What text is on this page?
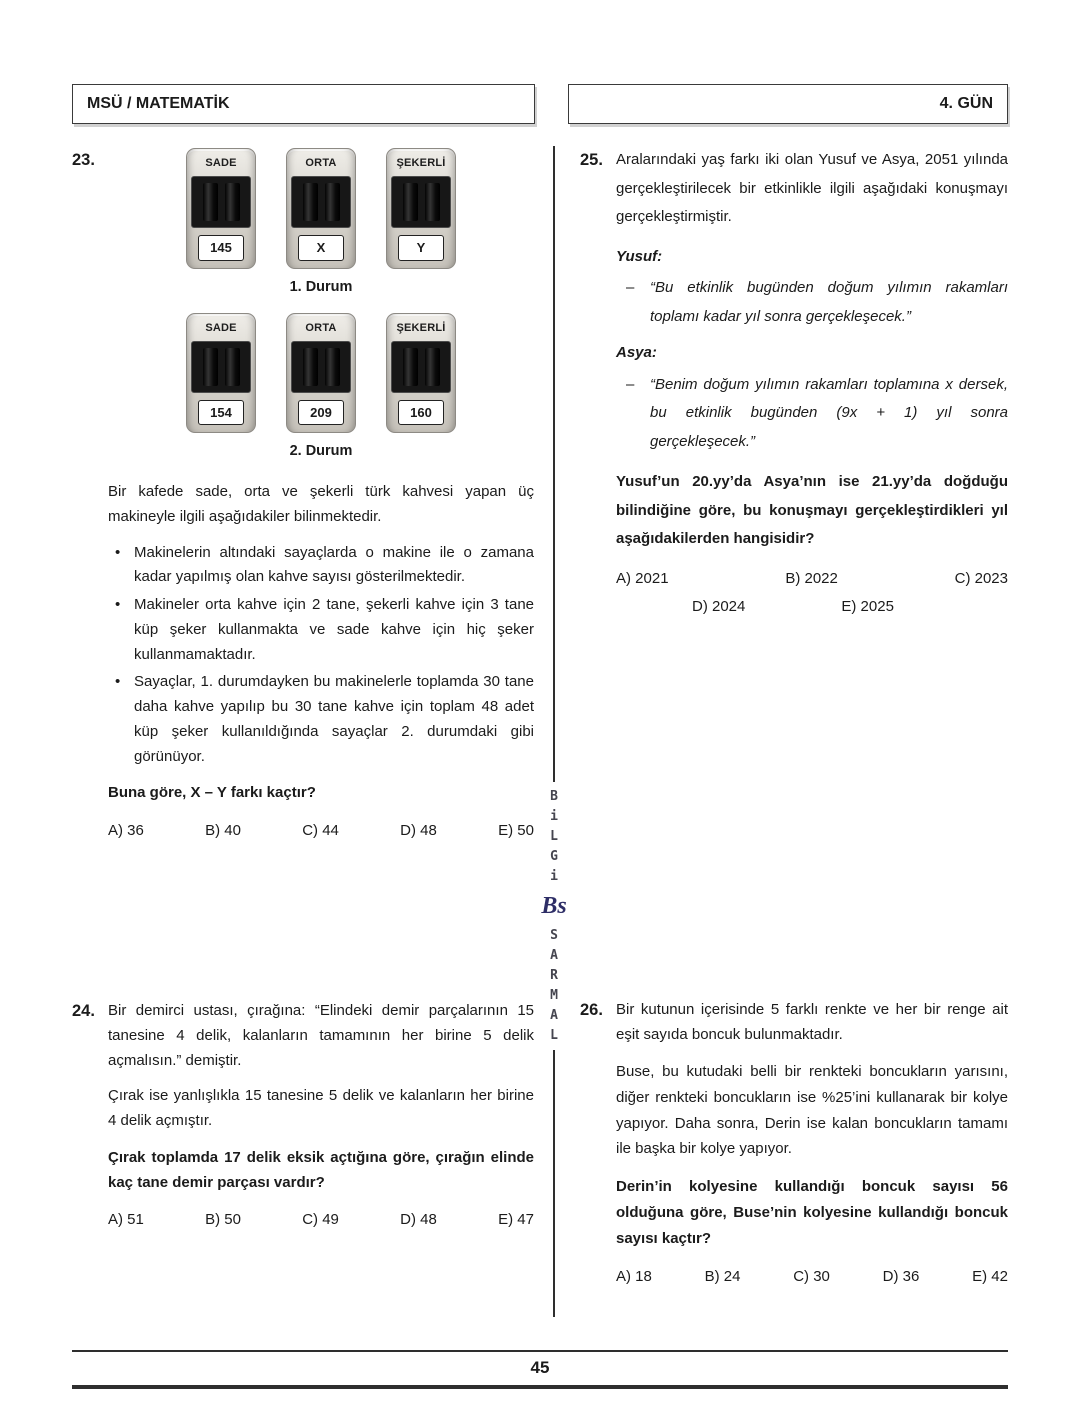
MSÜ / MATEMATİK	4. GÜN
23.	SADE
145
ORTA
X
ŞEKERLİ
Y
1. Durum
SADE
154
ORTA
209
ŞEKERLİ
160
2. Durum

Bir kafede sade, orta ve şekerli türk kahvesi yapan üç makineyle ilgili aşağıdakiler bilinmektedir.

• Makinelerin altındaki sayaçlarda o makine ile o zamana kadar yapılmış olan kahve sayısı gösterilmektedir.
• Makineler orta kahve için 2 tane, şekerli kahve için 3 tane küp şeker kullanmakta ve sade kahve için hiç şeker kullanmamaktadır.
• Sayaçlar, 1. durumdayken bu makinelerle toplamda 30 tane daha kahve yapılıp bu 30 tane kahve için toplam 48 adet küp şeker kullanıldığında sayaçlar 2. durumdaki gibi görünüyor.

Buna göre, X – Y farkı kaçtır?

A) 36	B) 40	C) 44	D) 48	E) 50
24. Bir demirci ustası, çırağına: “Elindeki demir parçalarının 15 tanesine 4 delik, kalanların tamamının her birine 5 delik açmalısın.” demiştir.

Çırak ise yanlışlıkla 15 tanesine 5 delik ve kalanların her birine 4 delik açmıştır.

Çırak toplamda 17 delik eksik açtığına göre, çırağın elinde kaç tane demir parçası vardır?

A) 51	B) 50	C) 49	D) 48	E) 47
B
i
L
G
i
Bs
S
A
R
M
A
L
25. Aralarındaki yaş farkı iki olan Yusuf ve Asya, 2051 yılında gerçekleştirilecek bir etkinlikle ilgili aşağıdaki konuşmayı gerçekleştirmiştir.

Yusuf:
–	“Bu etkinlik bugünden doğum yılımın rakamları toplamı kadar yıl sonra gerçekleşecek.”
Asya:
–	“Benim doğum yılımın rakamları toplamına x dersek, bu etkinlik bugünden (9x + 1) yıl sonra gerçekleşecek.”

Yusuf’un 20.yy’da Asya’nın ise 21.yy’da doğduğu bilindiğine göre, bu konuşmayı gerçekleştirdikleri yıl aşağıdakilerden hangisidir?

A) 2021	B) 2022	C) 2023
D) 2024	E) 2025
26. Bir kutunun içerisinde 5 farklı renkte ve her bir renge ait eşit sayıda boncuk bulunmaktadır.

Buse, bu kutudaki belli bir renkteki boncukların yarısını, diğer renkteki boncukların ise %25’ini kullanarak bir kolye yapıyor. Daha sonra, Derin ise kalan boncukların tamamı ile başka bir kolye yapıyor.

Derin’in kolyesine kullandığı boncuk sayısı 56 olduğuna göre, Buse’nin kolyesine kullandığı boncuk sayısı kaçtır?

A) 18	B) 24	C) 30	D) 36	E) 42
45
